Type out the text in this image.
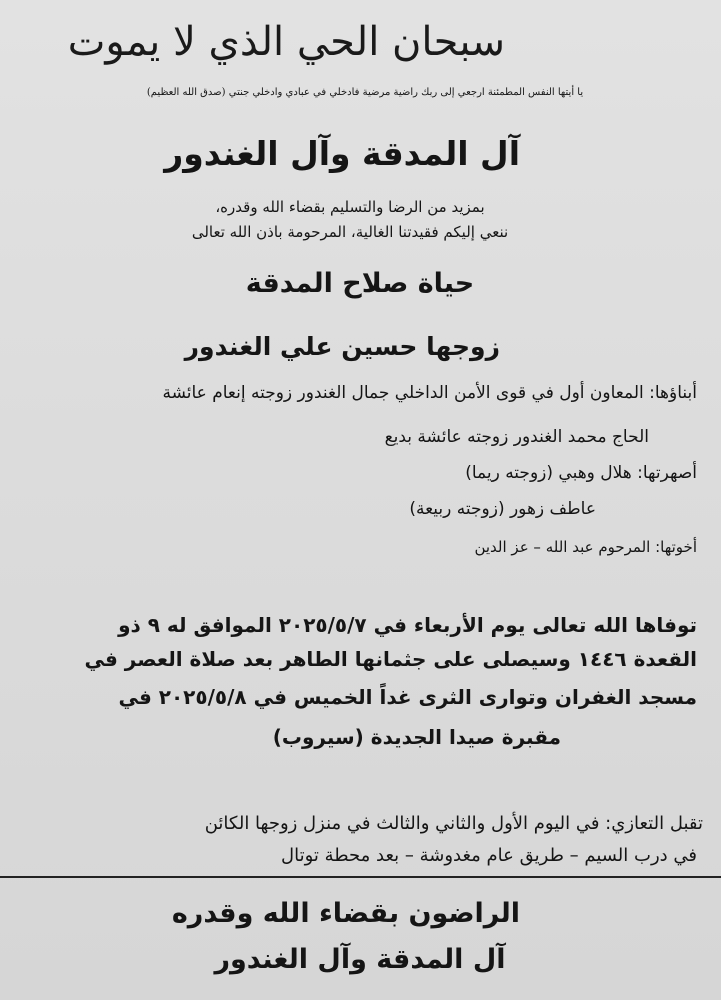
سبحان الحي الذي لا يموت
يا أيتها النفس المطمئنة ارجعي إلى ربك راضية مرضية فادخلي في عبادي وادخلي جنتي (صدق الله العظيم)
آل المدقة وآل الغندور
بمزيد من الرضا والتسليم بقضاء الله وقدره،
ننعي إليكم فقيدتنا الغالية، المرحومة باذن الله تعالى
حياة صلاح المدقة
زوجها حسين علي الغندور
أبناؤها: المعاون أول في قوى الأمن الداخلي جمال الغندور زوجته إنعام عائشة
الحاج محمد الغندور زوجته عائشة بديع
أصهرتها: هلال وهبي (زوجته ريما)
عاطف زهور (زوجته ربيعة)
أخوتها: المرحوم عبد الله – عز الدين
توفاها الله تعالى يوم الأربعاء في ٢٠٢٥/٥/٧ الموافق له ٩ ذو
القعدة ١٤٤٦ وسيصلى على جثمانها الطاهر بعد صلاة العصر في
مسجد الغفران وتوارى الثرى غداً الخميس في ٢٠٢٥/٥/٨ في
مقبرة صيدا الجديدة (سيروب)
تقبل التعازي: في اليوم الأول والثاني والثالث في منزل زوجها الكائن
في درب السيم – طريق عام مغدوشة – بعد محطة توتال
الراضون بقضاء الله وقدره
آل المدقة وآل الغندور
